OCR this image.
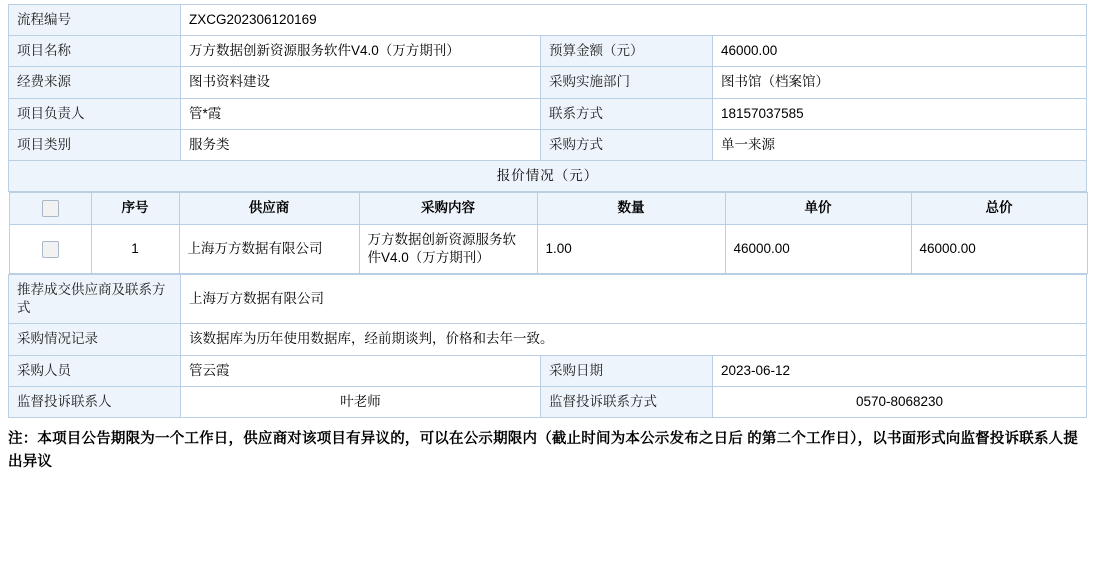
流程编号	ZXCG202306120169
项目名称	万方数据创新资源服务软件V4.0（万方期刊）	预算金额（元）	46000.00
经费来源	图书资料建设	采购实施部门	图书馆（档案馆）
项目负责人	管*霞	联系方式	18157037585
项目类别	服务类	采购方式	单一来源
报价情况（元）

	序号	供应商	采购内容	数量	单价	总价
	1	上海万方数据有限公司	万方数据创新资源服务软件V4.0（万方期刊）	1.00	46000.00	46000.00

推荐成交供应商及联系方式	上海万方数据有限公司
采购情况记录	该数据库为历年使用数据库，经前期谈判，价格和去年一致。
采购人员	管云霞	采购日期	2023-06-12
监督投诉联系人	叶老师	监督投诉联系方式	0570-8068230
注：本项目公告期限为一个工作日，供应商对该项目有异议的，可以在公示期限内（截止时间为本公示发布之日后 的第二个工作日），以书面形式向监督投诉联系人提出异议
